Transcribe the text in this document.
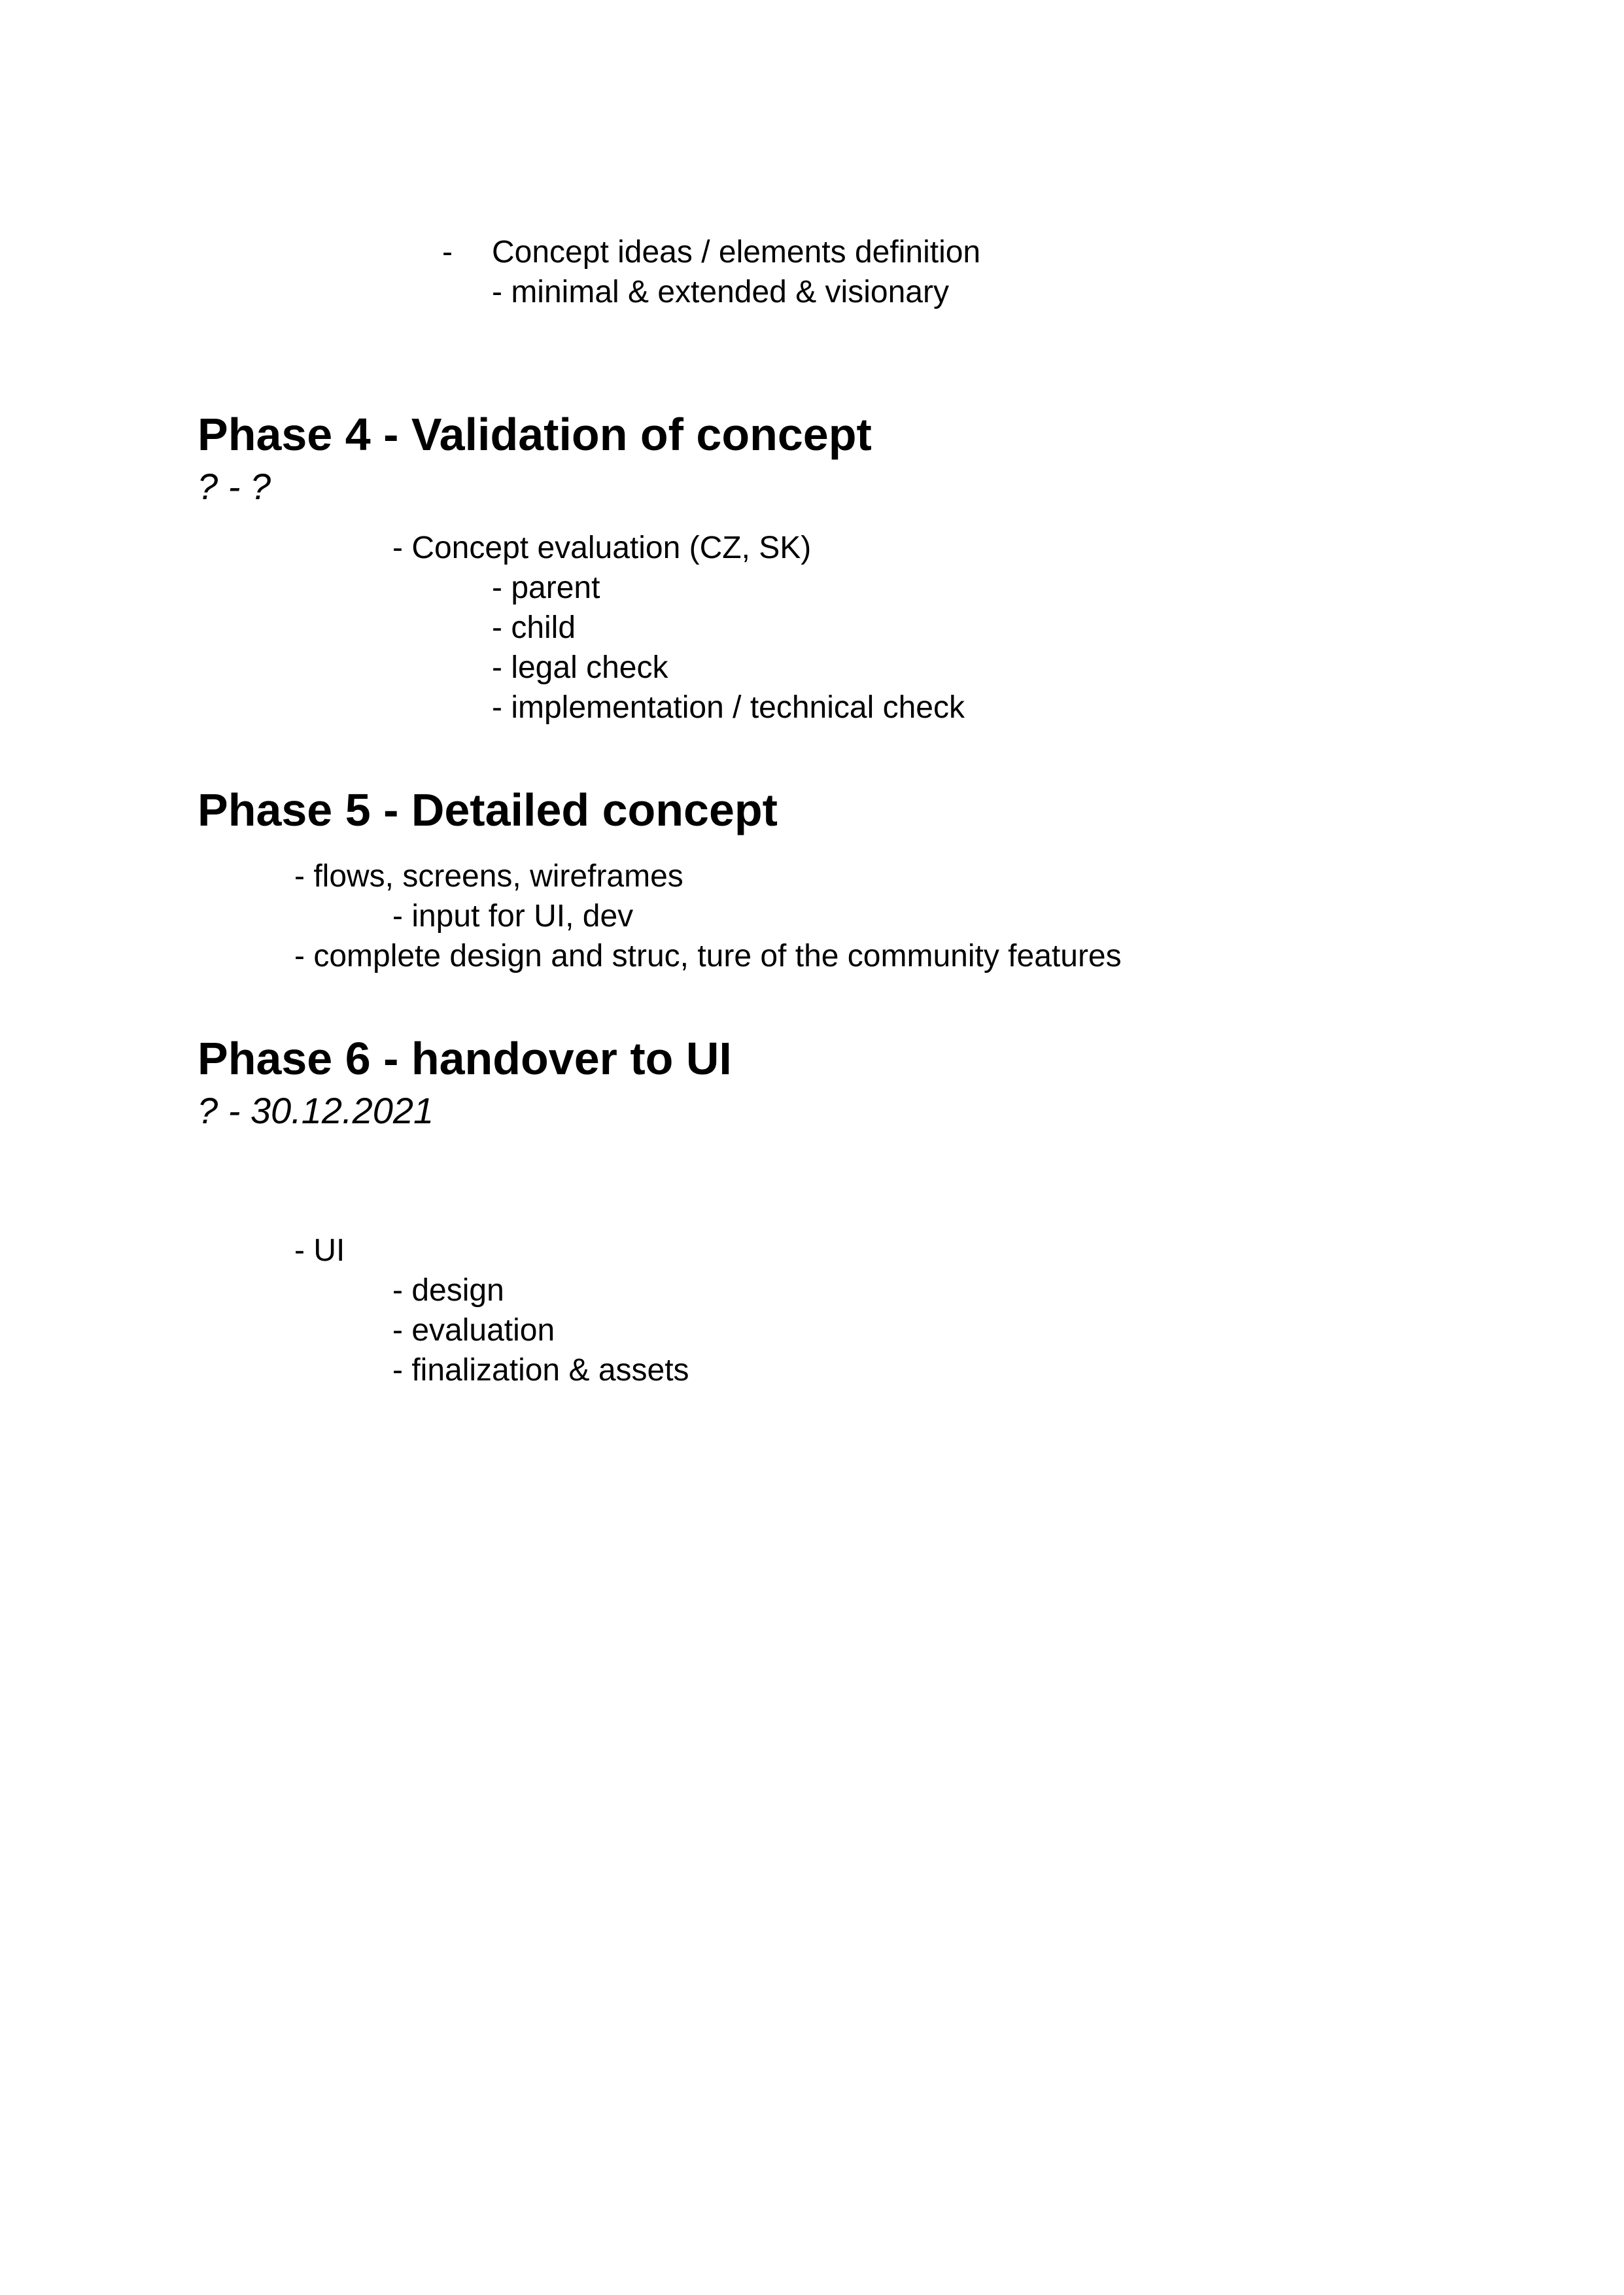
- Concept ideas / elements definition
- minimal & extended & visionary
Phase 4 - Validation of concept
? - ?
- Concept evaluation (CZ, SK)
- parent
- child
- legal check
- implementation / technical check
Phase 5 - Detailed concept
- flows, screens, wireframes
- input for UI, dev
- complete design and struc, ture of the community features
Phase 6 - handover to UI
? - 30.12.2021
- UI
- design
- evaluation
- finalization & assets
